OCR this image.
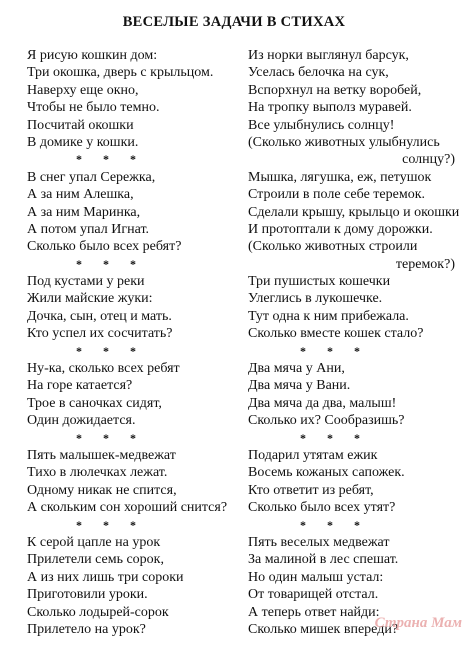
ВЕСЕЛЫЕ ЗАДАЧИ В СТИХАХ
Я рисую кошкин дом:
Три окошка, дверь с крыльцом.
Наверху еще окно,
Чтобы не было темно.
Посчитай окошки
В домике у кошки.
* * *
В снег упал Сережка,
А за ним Алешка,
А за ним Маринка,
А потом упал Игнат.
Сколько было всех ребят?
* * *
Под кустами у реки
Жили майские жуки:
Дочка, сын, отец и мать.
Кто успел их сосчитать?
* * *
Ну-ка, сколько всех ребят
На горе катается?
Трое в саночках сидят,
Один дожидается.
* * *
Пять малышек-медвежат
Тихо в люлечках лежат.
Одному никак не спится,
А скольким сон хороший снится?
* * *
К серой цапле на урок
Прилетели семь сорок,
А из них лишь три сороки
Приготовили уроки.
Сколько лодырей-сорок
Прилетело на урок?
Из норки выглянул барсук,
Уселась белочка на сук,
Вспорхнул на ветку воробей,
На тропку выполз муравей.
Все улыбнулись солнцу!
(Сколько животных улыбнулись
солнцу?)
Мышка, лягушка, еж, петушок
Строили в поле себе теремок.
Сделали крышу, крыльцо и окошки
И протоптали к дому дорожки.
(Сколько животных строили
теремок?)
Три пушистых кошечки
Улеглись в лукошечке.
Тут одна к ним прибежала.
Сколько вместе кошек стало?
* * *
Два мяча у Ани,
Два мяча у Вани.
Два мяча да два, малыш!
Сколько их? Сообразишь?
* * *
Подарил утятам ежик
Восемь кожаных сапожек.
Кто ответит из ребят,
Сколько было всех утят?
* * *
Пять веселых медвежат
За малиной в лес спешат.
Но один малыш устал:
От товарищей отстал.
А теперь ответ найди:
Сколько мишек впереди?
Страна Мам
